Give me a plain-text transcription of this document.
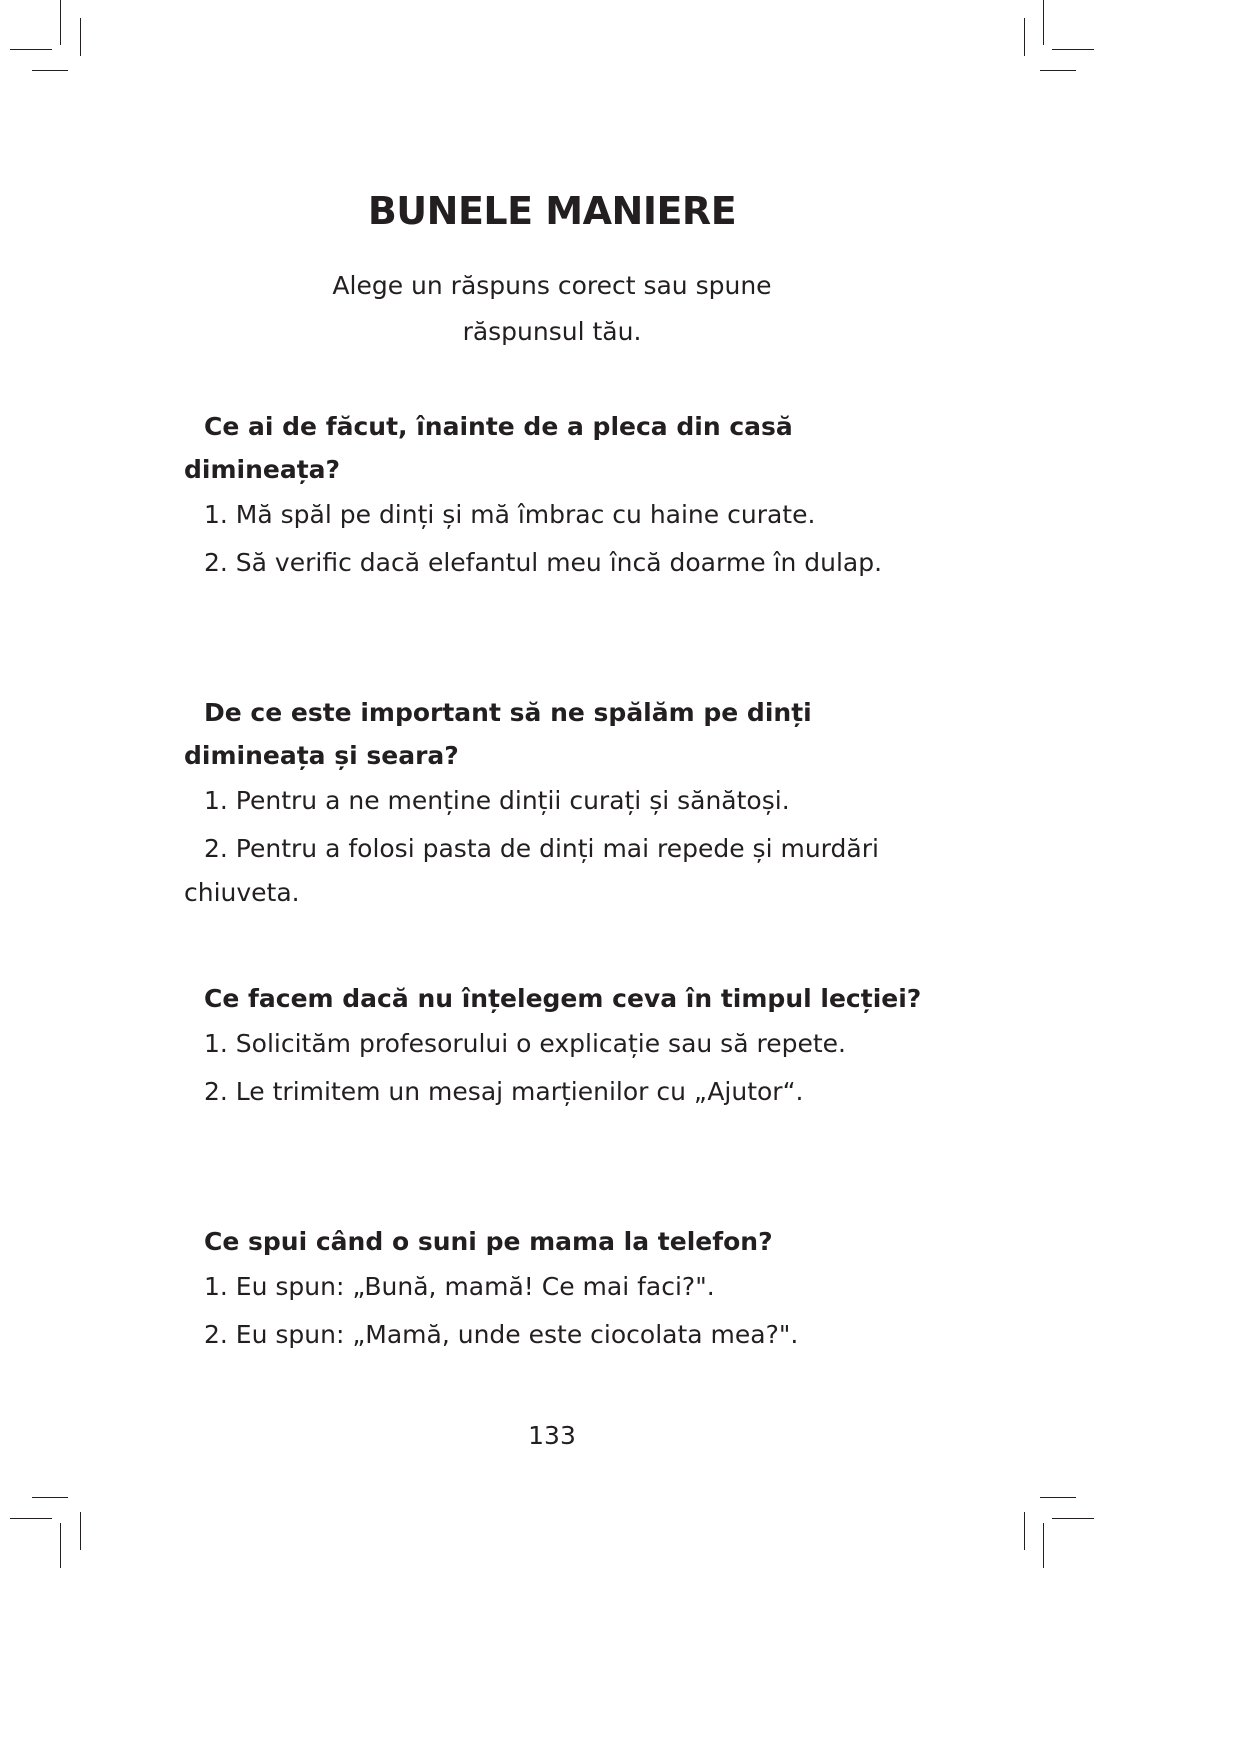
BUNELE MANIERE
Alege un răspuns corect sau spune
răspunsul tău.

Ce ai de făcut, înainte de a pleca din casă dimineața?

1. Mă spăl pe dinți și mă îmbrac cu haine curate.

2. Să verific dacă elefantul meu încă doarme în dulap.

De ce este important să ne spălăm pe dinți dimineața și seara?

1. Pentru a ne menține dinții curați și sănătoși.

2. Pentru a folosi pasta de dinți mai repede și murdări chiuveta.

Ce facem dacă nu înțelegem ceva în timpul lecției?

1. Solicităm profesorului o explicație sau să repete.

2. Le trimitem un mesaj marțienilor cu „Ajutor“.

Ce spui când o suni pe mama la telefon?

1. Eu spun: „Bună, mamă! Ce mai faci?".

2. Eu spun: „Mamă, unde este ciocolata mea?".

133
